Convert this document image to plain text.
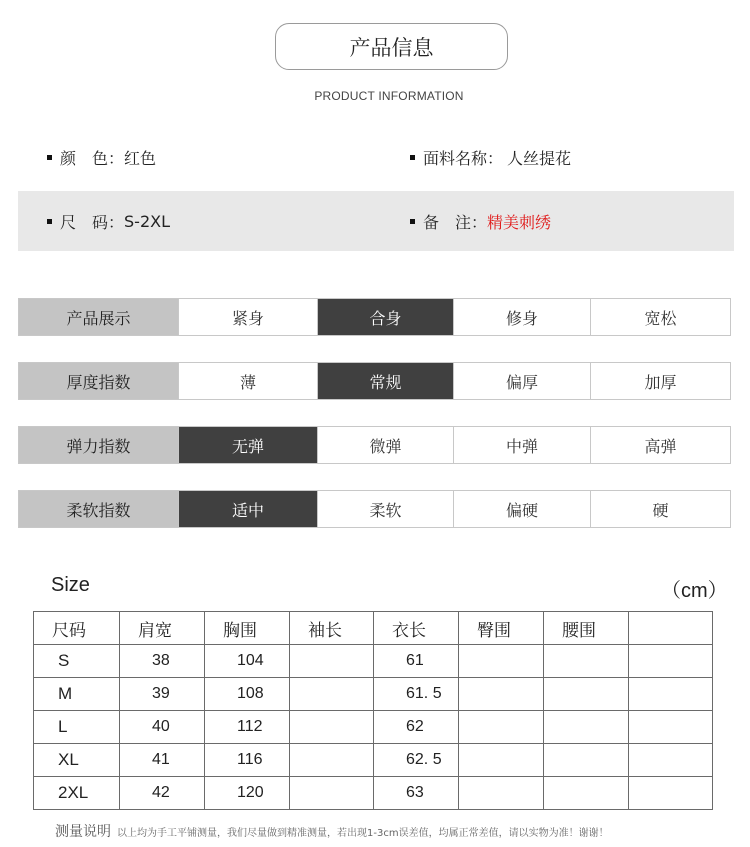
产品信息
PRODUCT INFORMATION
颜　色： 红色	面料名称： 人丝提花
尺　码： S-2XL	备　注： 精美刺绣
产品展示	紧身	合身	修身	宽松
厚度指数	薄	常规	偏厚	加厚
弹力指数	无弹	微弹	中弹	高弹
柔软指数	适中	柔软	偏硬	硬
Size	（cm）
尺码	肩宽	胸围	袖长	衣长	臀围	腰围	
S	38	104		61			
M	39	108		61. 5			
L	40	112		62			
XL	41	116		62. 5			
2XL	42	120		63			
测量说明 以上均为手工平铺测量，我们尽量做到精准测量，若出现1-3cm误差值，均属正常差值，请以实物为准！谢谢！
